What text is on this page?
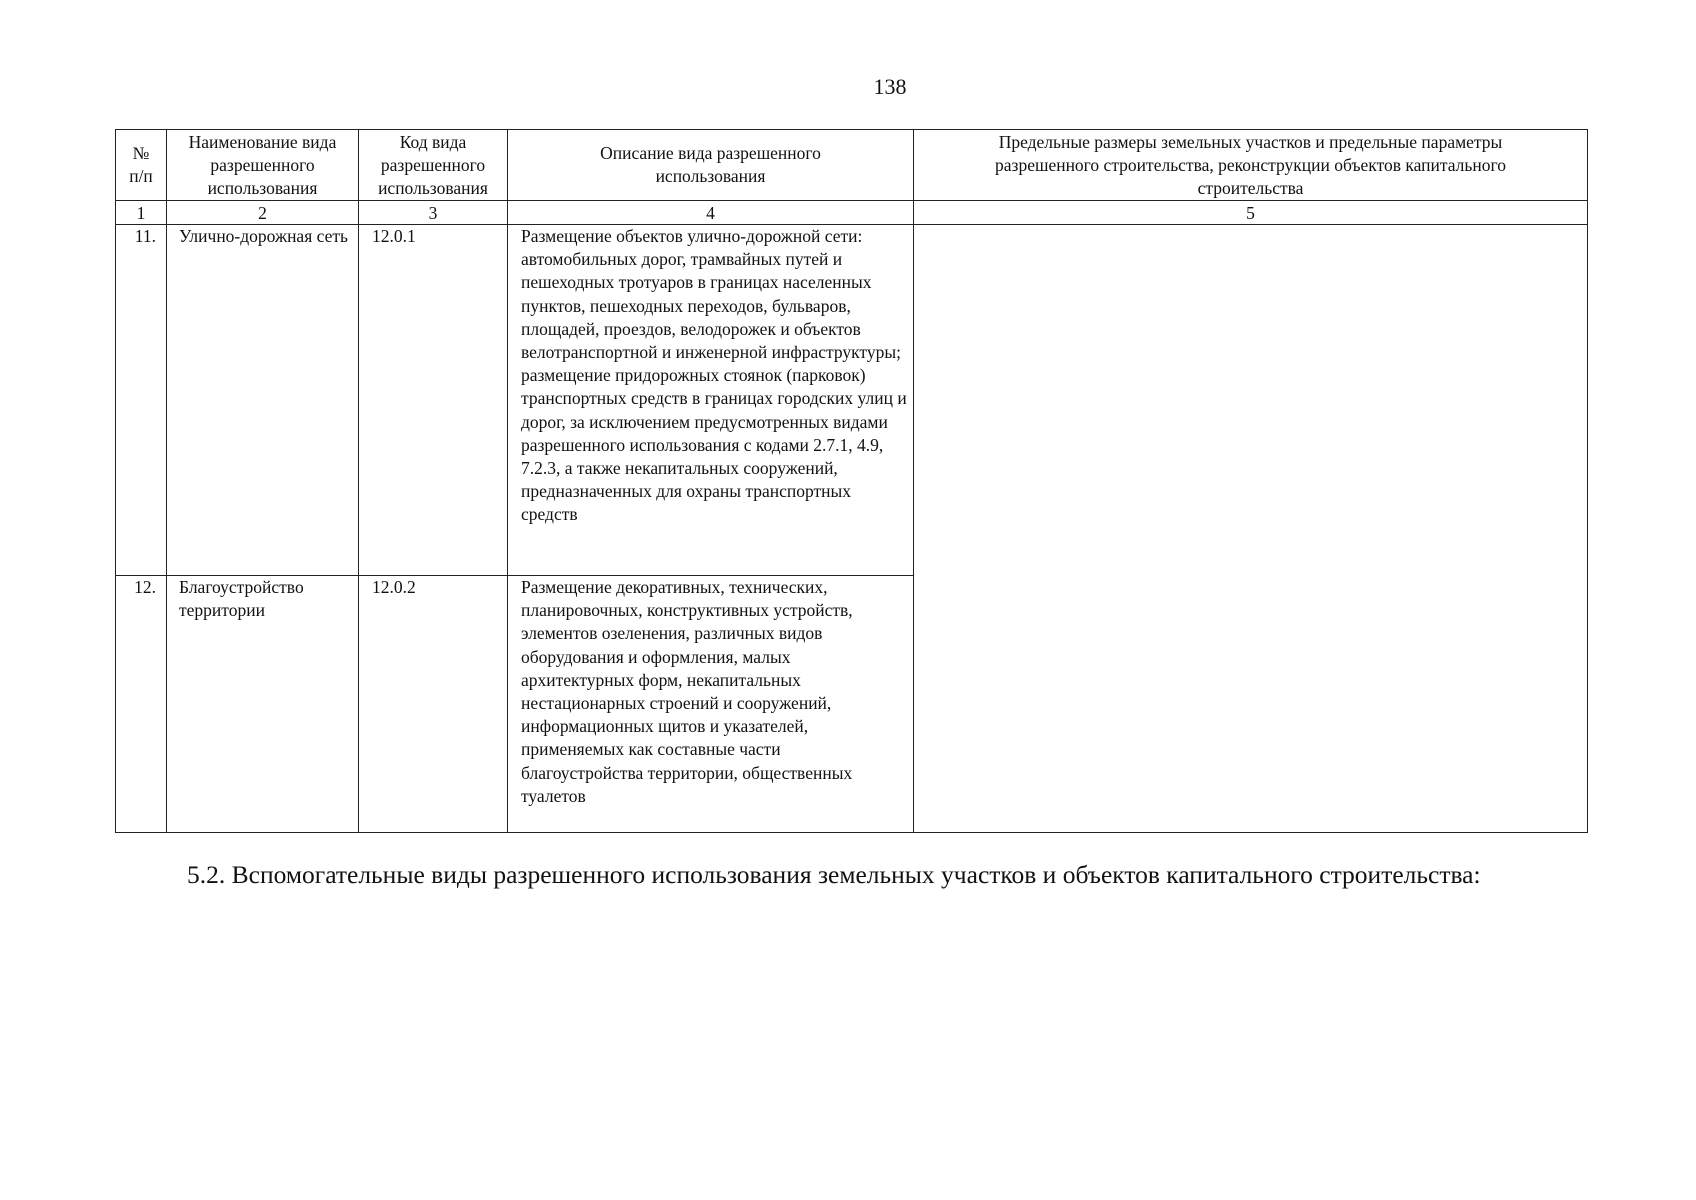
138
№ п/п	Наименование вида разрешенного использования	Код вида разрешенного использования	Описание вида разрешенного использования	Предельные размеры земельных участков и предельные параметры разрешенного строительства, реконструкции объектов капитального строительства
1	2	3	4	5
11.	Улично-дорожная сеть	12.0.1	Размещение объектов улично-дорожной сети: автомобильных дорог, трамвайных путей и пешеходных тротуаров в границах населенных пунктов, пешеходных переходов, бульваров, площадей, проездов, велодорожек и объектов велотранспортной и инженерной инфраструктуры; размещение придорожных стоянок (парковок) транспортных средств в границах городских улиц и дорог, за исключением предусмотренных видами разрешенного использования с кодами 2.7.1, 4.9, 7.2.3, а также некапитальных сооружений, предназначенных для охраны транспортных средств	
12.	Благоустройство территории	12.0.2	Размещение декоративных, технических, планировочных, конструктивных устройств, элементов озеленения, различных видов оборудования и оформления, малых архитектурных форм, некапитальных нестационарных строений и сооружений, информационных щитов и указателей, применяемых как составные части благоустройства территории, общественных туалетов	
5.2. Вспомогательные виды разрешенного использования земельных участков и объектов капитального строительства:
